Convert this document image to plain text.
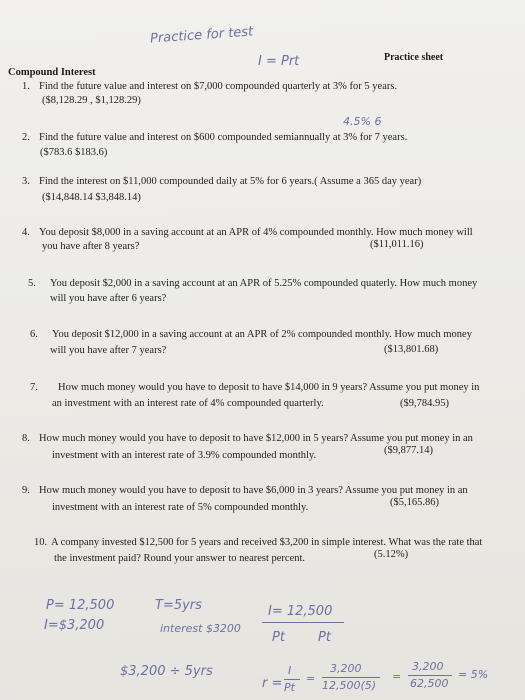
Practice for test
I = Prt	Practice sheet
Compound Interest
1. Find the future value and interest on $7,000 compounded quarterly at 3% for 5 years.
($8,128.29 , $1,128.29)
4.5% 6
2. Find the future value and interest on $600 compounded semiannually at 3% for 7 years.
($783.6 $183.6)
3. Find the interest on $11,000 compounded daily at 5% for 6 years.( Assume a 365 day year)
($14,848.14 $3,848.14)
4. You deposit $8,000 in a saving account at an APR of 4% compounded monthly. How much money will
you have after 8 years?	($11,011.16)
5. You deposit $2,000 in a saving account at an APR of 5.25% compounded quaterly. How much money
will you have after 6 years?
6. You deposit $12,000 in a saving account at an APR of 2% compounded monthly. How much money
will you have after 7 years?	($13,801.68)
7. How much money would you have to deposit to have $14,000 in 9 years? Assume you put money in
an investment with an interest rate of 4% compounded quarterly.	($9,784.95)
8. How much money would you have to deposit to have $12,000 in 5 years? Assume you put money in an
investment with an interest rate of 3.9% compounded monthly.	($9,877.14)
9. How much money would you have to deposit to have $6,000 in 3 years? Assume you put money in an
investment with an interest rate of 5% compounded monthly.	($5,165.86)
10. A company invested $12,500 for 5 years and received $3,200 in simple interest. What was the rate that
the investment paid? Round your answer to nearest percent.	(5.12%)
P= 12,500	T=5yrs	I= 12,500
I=$3,200	interest $3200
Pt	Pt
$3,200 ÷ 5yrs
r =
I
Pt
=
3,200
12,500(5)
=
3,200
62,500
= 5%
